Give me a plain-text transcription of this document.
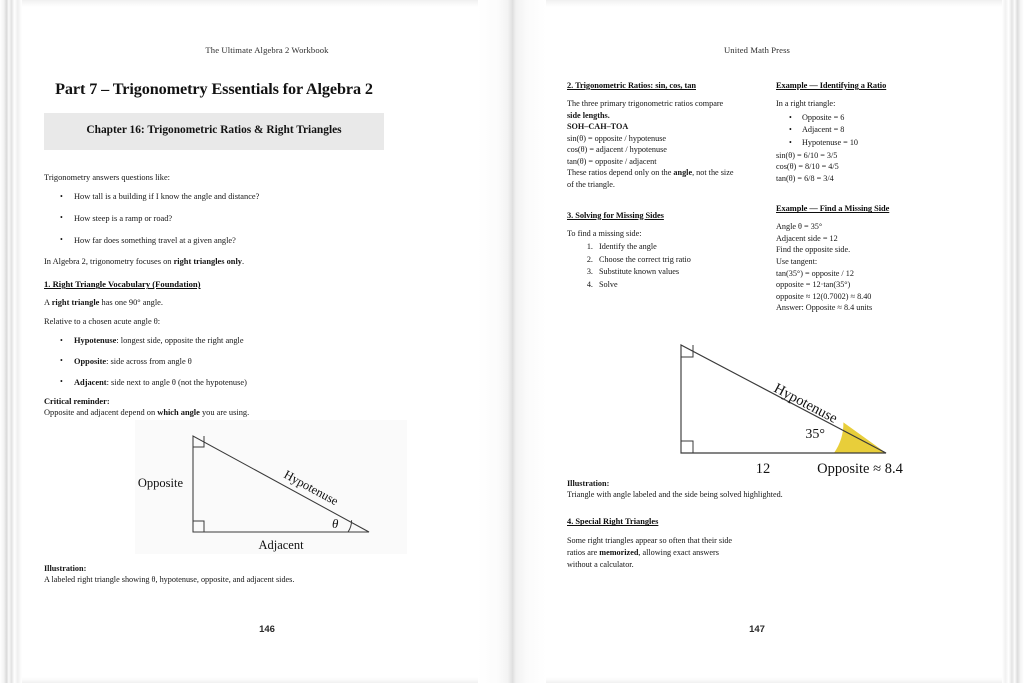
The Ultimate Algebra 2 Workbook
Part 7 – Trigonometry Essentials for Algebra 2
Chapter 16: Trigonometric Ratios & Right Triangles

Trigonometry answers questions like:

• How tall is a building if I know the angle and distance?
• How steep is a ramp or road?
• How far does something travel at a given angle?

In Algebra 2, trigonometry focuses on right triangles only.

1. Right Triangle Vocabulary (Foundation)

A right triangle has one 90° angle.

Relative to a chosen acute angle θ:

• Hypotenuse: longest side, opposite the right angle
• Opposite: side across from angle θ
• Adjacent: side next to angle θ (not the hypotenuse)
Critical reminder:

Opposite and adjacent depend on which angle you are using.

Opposite
Adjacent
Hypotenuse
θ
Illustration:
A labeled right triangle showing θ, hypotenuse, opposite, and adjacent sides.
146
United Math Press
2. Trigonometric Ratios: sin, cos, tan
The three primary trigonometric ratios compare
side lengths.
SOH–CAH–TOA
sin(θ) = opposite / hypotenuse
cos(θ) = adjacent / hypotenuse
tan(θ) = opposite / adjacent
These ratios depend only on the angle, not the size
of the triangle.
3. Solving for Missing Sides
To find a missing side:
1. Identify the angle
2. Choose the correct trig ratio
3. Substitute known values
4. Solve
Example — Identifying a Ratio
In a right triangle:
• Opposite = 6
• Adjacent = 8
• Hypotenuse = 10
sin(θ) = 6/10 = 3/5
cos(θ) = 8/10 = 4/5
tan(θ) = 6/8 = 3/4
Example — Find a Missing Side
Angle θ = 35°
Adjacent side = 12
Find the opposite side.
Use tangent:
tan(35°) = opposite / 12
opposite = 12·tan(35°)
opposite ≈ 12(0.7002) ≈ 8.40
Answer: Opposite ≈ 8.4 units
Hypotenuse
35°
12	Opposite ≈ 8.4
Illustration:
Triangle with angle labeled and the side being solved highlighted.
4. Special Right Triangles
Some right triangles appear so often that their side
ratios are memorized, allowing exact answers
without a calculator.
147
